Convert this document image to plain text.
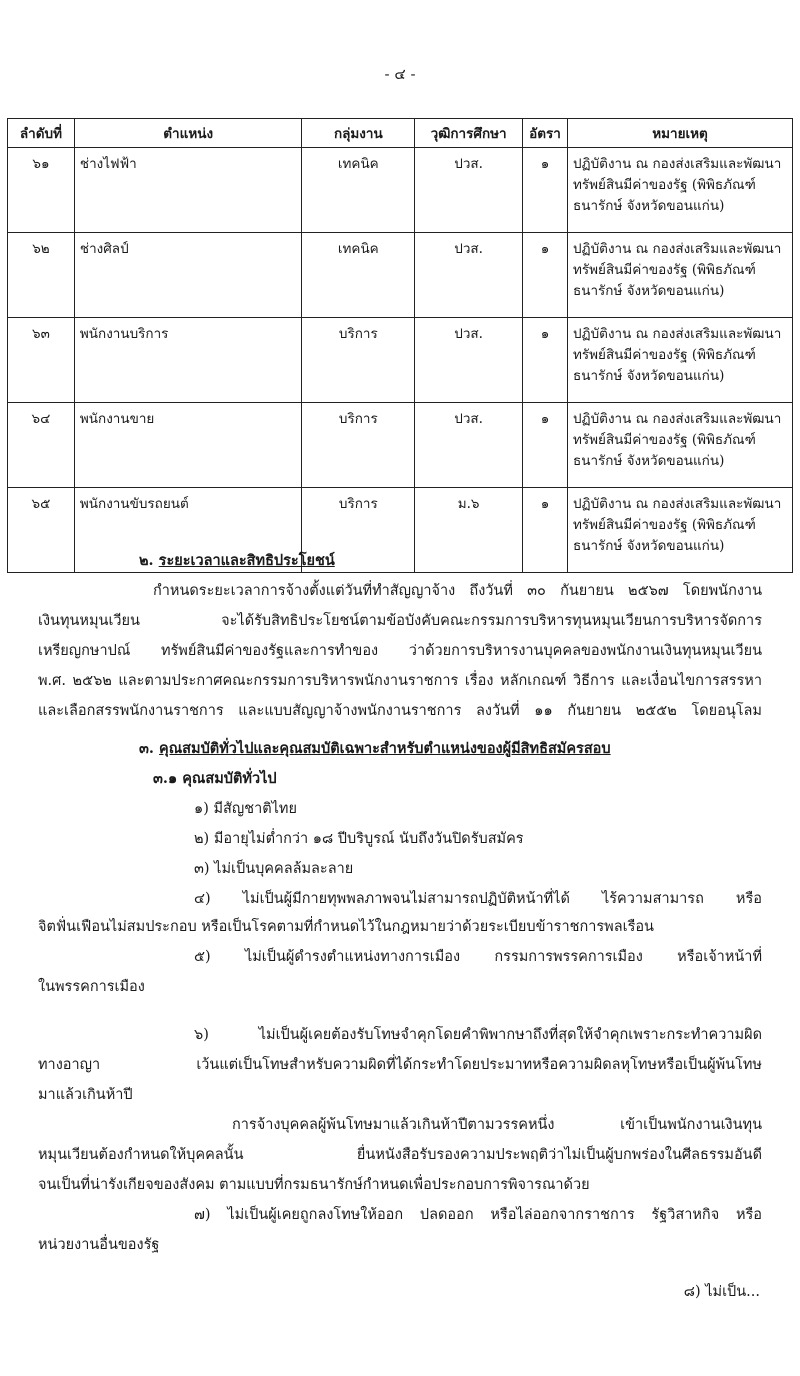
- ๔ -
ลำดับที่	ตำแหน่ง	กลุ่มงาน	วุฒิการศึกษา	อัตรา	หมายเหตุ
๖๑	ช่างไฟฟ้า	เทคนิค	ปวส.	๑	ปฏิบัติงาน ณ กองส่งเสริมและพัฒนา
ทรัพย์สินมีค่าของรัฐ (พิพิธภัณฑ์
ธนารักษ์ จังหวัดขอนแก่น)

๖๒	ช่างศิลป์	เทคนิค	ปวส.	๑	ปฏิบัติงาน ณ กองส่งเสริมและพัฒนา
ทรัพย์สินมีค่าของรัฐ (พิพิธภัณฑ์
ธนารักษ์ จังหวัดขอนแก่น)

๖๓	พนักงานบริการ	บริการ	ปวส.	๑	ปฏิบัติงาน ณ กองส่งเสริมและพัฒนา
ทรัพย์สินมีค่าของรัฐ (พิพิธภัณฑ์
ธนารักษ์ จังหวัดขอนแก่น)

๖๔	พนักงานขาย	บริการ	ปวส.	๑	ปฏิบัติงาน ณ กองส่งเสริมและพัฒนา
ทรัพย์สินมีค่าของรัฐ (พิพิธภัณฑ์
ธนารักษ์ จังหวัดขอนแก่น)

๖๕	พนักงานขับรถยนต์	บริการ	ม.๖	๑	ปฏิบัติงาน ณ กองส่งเสริมและพัฒนา
ทรัพย์สินมีค่าของรัฐ (พิพิธภัณฑ์
ธนารักษ์ จังหวัดขอนแก่น)
๒. ระยะเวลาและสิทธิประโยชน์
กำหนดระยะเวลาการจ้างตั้งแต่วันที่ทำสัญญาจ้าง ถึงวันที่ ๓๐ กันยายน ๒๕๖๗ โดยพนักงาน
เงินทุนหมุนเวียน จะได้รับสิทธิประโยชน์ตามข้อบังคับคณะกรรมการบริหารทุนหมุนเวียนการบริหารจัดการ
เหรียญกษาปณ์ ทรัพย์สินมีค่าของรัฐและการทำของ ว่าด้วยการบริหารงานบุคคลของพนักงานเงินทุนหมุนเวียน
พ.ศ. ๒๕๖๒ และตามประกาศคณะกรรมการบริหารพนักงานราชการ เรื่อง หลักเกณฑ์ วิธีการ และเงื่อนไขการสรรหา
และเลือกสรรพนักงานราชการ และแบบสัญญาจ้างพนักงานราชการ ลงวันที่ ๑๑ กันยายน ๒๕๕๒ โดยอนุโลม
๓. คุณสมบัติทั่วไปและคุณสมบัติเฉพาะสำหรับตำแหน่งของผู้มีสิทธิสมัครสอบ
๓.๑ คุณสมบัติทั่วไป
๑) มีสัญชาติไทย
๒) มีอายุไม่ต่ำกว่า ๑๘ ปีบริบูรณ์ นับถึงวันปิดรับสมัคร
๓) ไม่เป็นบุคคลล้มละลาย
๔) ไม่เป็นผู้มีกายทุพพลภาพจนไม่สามารถปฏิบัติหน้าที่ได้ ไร้ความสามารถ หรือ
จิตฟั่นเฟือนไม่สมประกอบ หรือเป็นโรคตามที่กำหนดไว้ในกฎหมายว่าด้วยระเบียบข้าราชการพลเรือน
๕) ไม่เป็นผู้ดำรงตำแหน่งทางการเมือง กรรมการพรรคการเมือง หรือเจ้าหน้าที่
ในพรรคการเมือง
๖) ไม่เป็นผู้เคยต้องรับโทษจำคุกโดยคำพิพากษาถึงที่สุดให้จำคุกเพราะกระทำความผิด
ทางอาญา เว้นแต่เป็นโทษสำหรับความผิดที่ได้กระทำโดยประมาทหรือความผิดลหุโทษหรือเป็นผู้พ้นโทษ
มาแล้วเกินห้าปี
การจ้างบุคคลผู้พ้นโทษมาแล้วเกินห้าปีตามวรรคหนึ่ง เข้าเป็นพนักงานเงินทุน
หมุนเวียนต้องกำหนดให้บุคคลนั้น ยื่นหนังสือรับรองความประพฤติว่าไม่เป็นผู้บกพร่องในศีลธรรมอันดี
จนเป็นที่น่ารังเกียจของสังคม ตามแบบที่กรมธนารักษ์กำหนดเพื่อประกอบการพิจารณาด้วย
๗) ไม่เป็นผู้เคยถูกลงโทษให้ออก ปลดออก หรือไล่ออกจากราชการ รัฐวิสาหกิจ หรือ
หน่วยงานอื่นของรัฐ
๘) ไม่เป็น...
